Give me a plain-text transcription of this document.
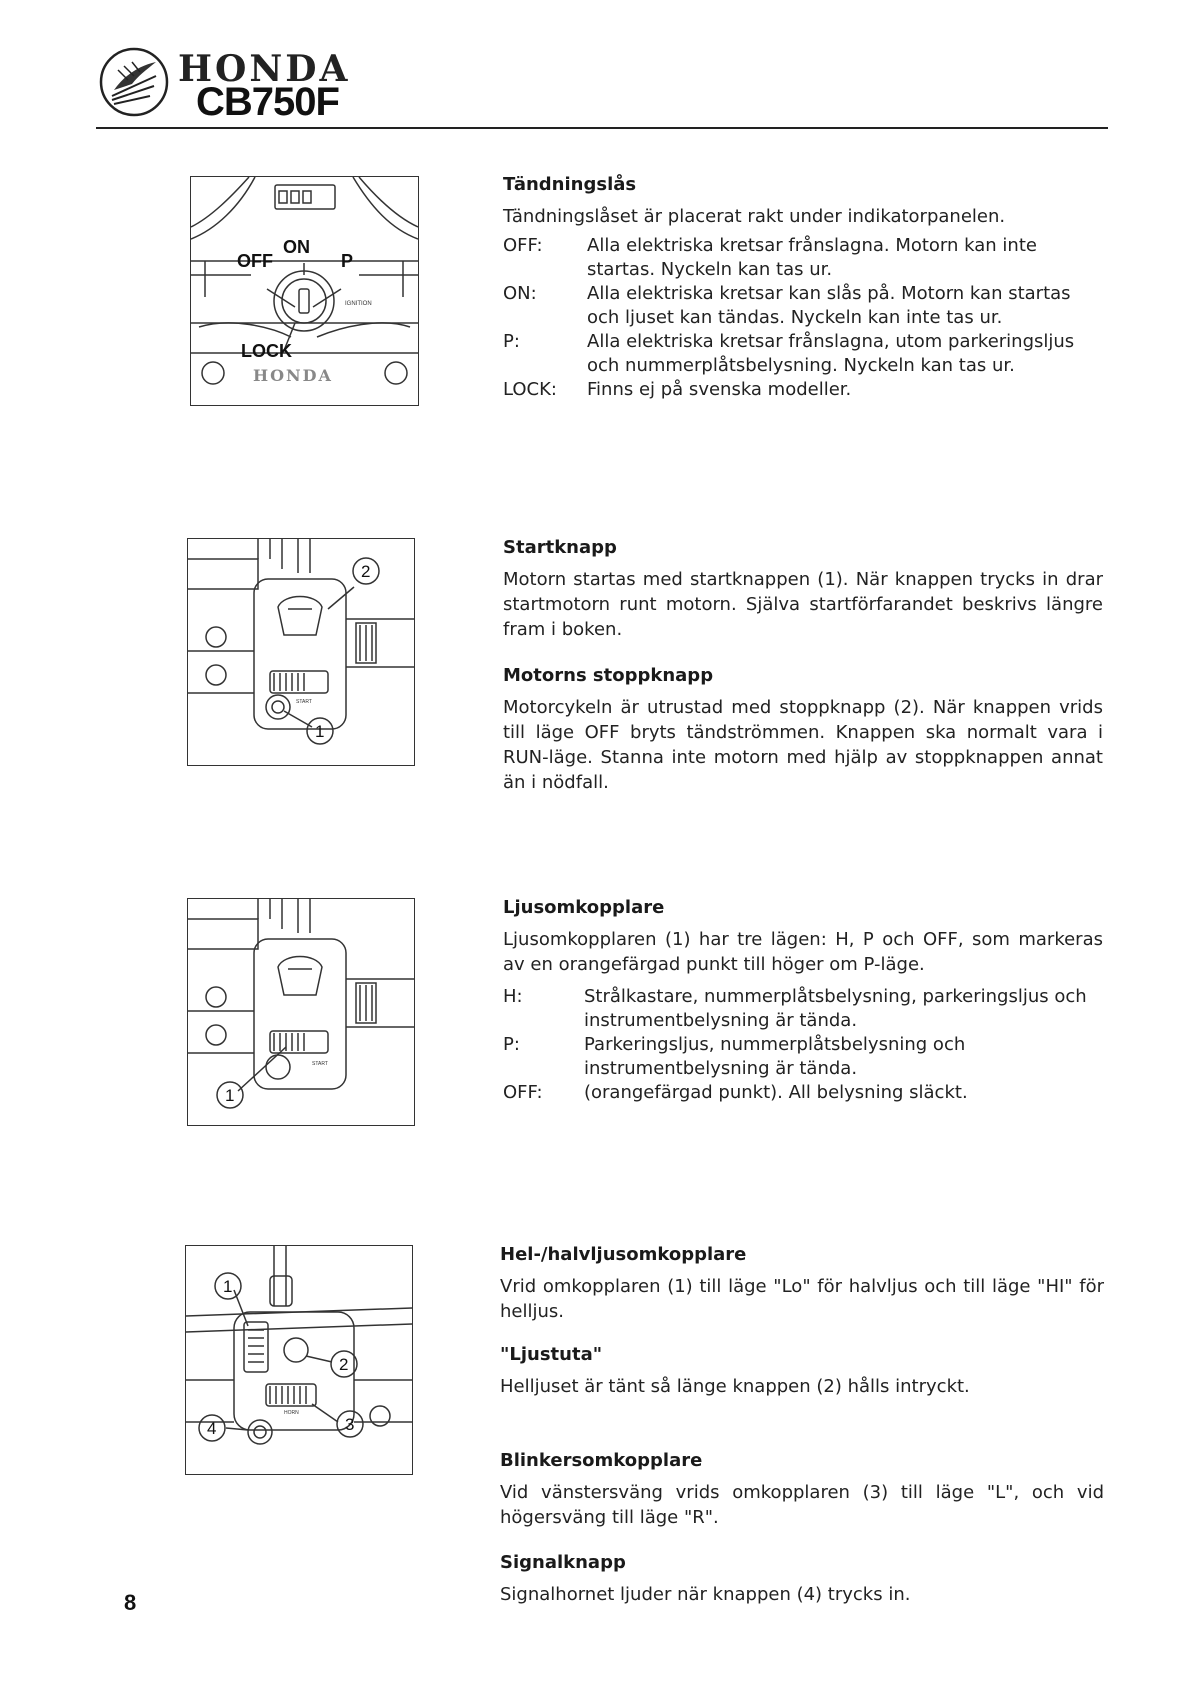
HONDA
CB750F
OFF
ON
P
LOCK
IGNITION
HONDA
Tändningslås
Tändningslåset är placerat rakt under indikatorpanelen.
OFF:	Alla elektriska kretsar frånslagna. Motorn kan inte startas. Nyckeln kan tas ur.
ON:	Alla elektriska kretsar kan slås på. Motorn kan startas och ljuset kan tändas. Nyckeln kan inte tas ur.
P:	Alla elektriska kretsar frånslagna, utom parkeringsljus och nummerplåtsbelysning. Nyckeln kan tas ur.
LOCK:	Finns ej på svenska modeller.
2
1
START
Startknapp
Motorn startas med startknappen (1). När knappen trycks in drar startmotorn runt motorn. Själva startförfarandet beskrivs längre fram i boken.
Motorns stoppknapp
Motorcykeln är utrustad med stoppknapp (2). När knappen vrids till läge OFF bryts tändströmmen. Knappen ska normalt vara i RUN-läge. Stanna inte motorn med hjälp av stoppknappen annat än i nödfall.
1
START
Ljusomkopplare
Ljusomkopplaren (1) har tre lägen: H, P och OFF, som markeras av en orangefärgad punkt till höger om P-läge.
H:	Strålkastare, nummerplåtsbelysning, parkeringsljus och instrumentbelysning är tända.
P:	Parkeringsljus, nummerplåtsbelysning och instrumentbelysning är tända.
OFF:	(orangefärgad punkt). All belysning släckt.
1
2
3
4
HORN
Hel-/halvljusomkopplare
Vrid omkopplaren (1) till läge "Lo" för halvljus och till läge "HI" för helljus.
"Ljustuta"
Helljuset är tänt så länge knappen (2) hålls intryckt.
Blinkersomkopplare
Vid vänstersväng vrids omkopplaren (3) till läge "L", och vid högersväng till läge "R".
Signalknapp
Signalhornet ljuder när knappen (4) trycks in.
8
